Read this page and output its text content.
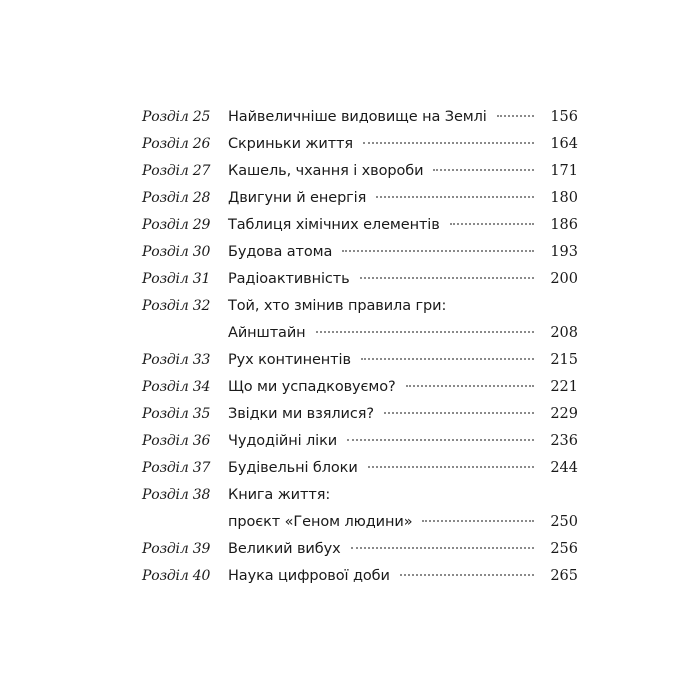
Розділ 25	Найвеличніше видовище на Землі	156
Розділ 26	Скриньки життя	164
Розділ 27	Кашель, чхання і хвороби	171
Розділ 28	Двигуни й енергія	180
Розділ 29	Таблиця хімічних елементів	186
Розділ 30	Будова атома	193
Розділ 31	Радіоактивність	200
Розділ 32	Той, хто змінив правила гри:
Айнштайн	208
Розділ 33	Рух континентів	215
Розділ 34	Що ми успадковуємо?	221
Розділ 35	Звідки ми взялися?	229
Розділ 36	Чудодійні ліки	236
Розділ 37	Будівельні блоки	244
Розділ 38	Книга життя:
проєкт «Геном людини»	250
Розділ 39	Великий вибух	256
Розділ 40	Наука цифрової доби	265
